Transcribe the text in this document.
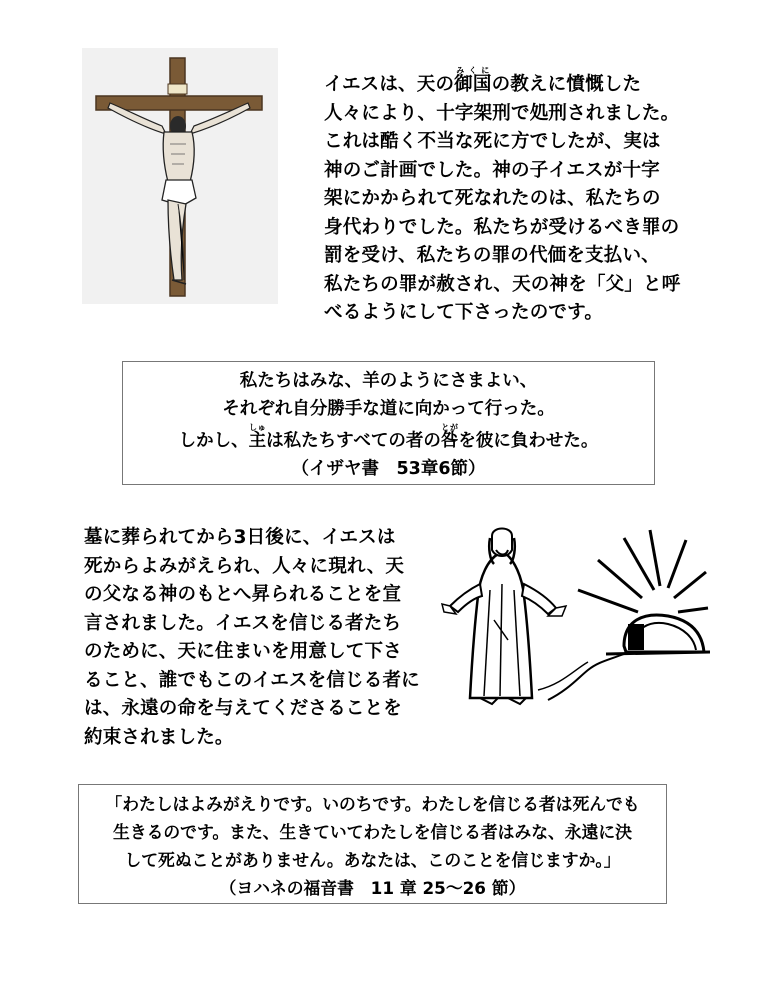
イエスは、天の御国みくにの教えに憤慨した
人々により、十字架刑で処刑されました。
これは酷く不当な死に方でしたが、実は
神のご計画でした。神の子イエスが十字
架にかかられて死なれたのは、私たちの
身代わりでした。私たちが受けるべき罪の
罰を受け、私たちの罪の代価を支払い、
私たちの罪が赦され、天の神を「父」と呼
べるようにして下さったのです。
私たちはみな、羊のようにさまよい、
それぞれ自分勝手な道に向かって行った。
しかし、主しゅは私たちすべての者の咎とがを彼に負わせた。
（イザヤ書　53章6節）
墓に葬られてから3日後に、イエスは
死からよみがえられ、人々に現れ、天
の父なる神のもとへ昇られることを宣
言されました。イエスを信じる者たち
のために、天に住まいを用意して下さ
ること、誰でもこのイエスを信じる者に
は、永遠の命を与えてくださることを
約束されました。
「わたしはよみがえりです。いのちです。わたしを信じる者は死んでも
生きるのです。また、生きていてわたしを信じる者はみな、永遠に決
して死ぬことがありません。あなたは、このことを信じますか。」
（ヨハネの福音書　11 章 25～26 節）
